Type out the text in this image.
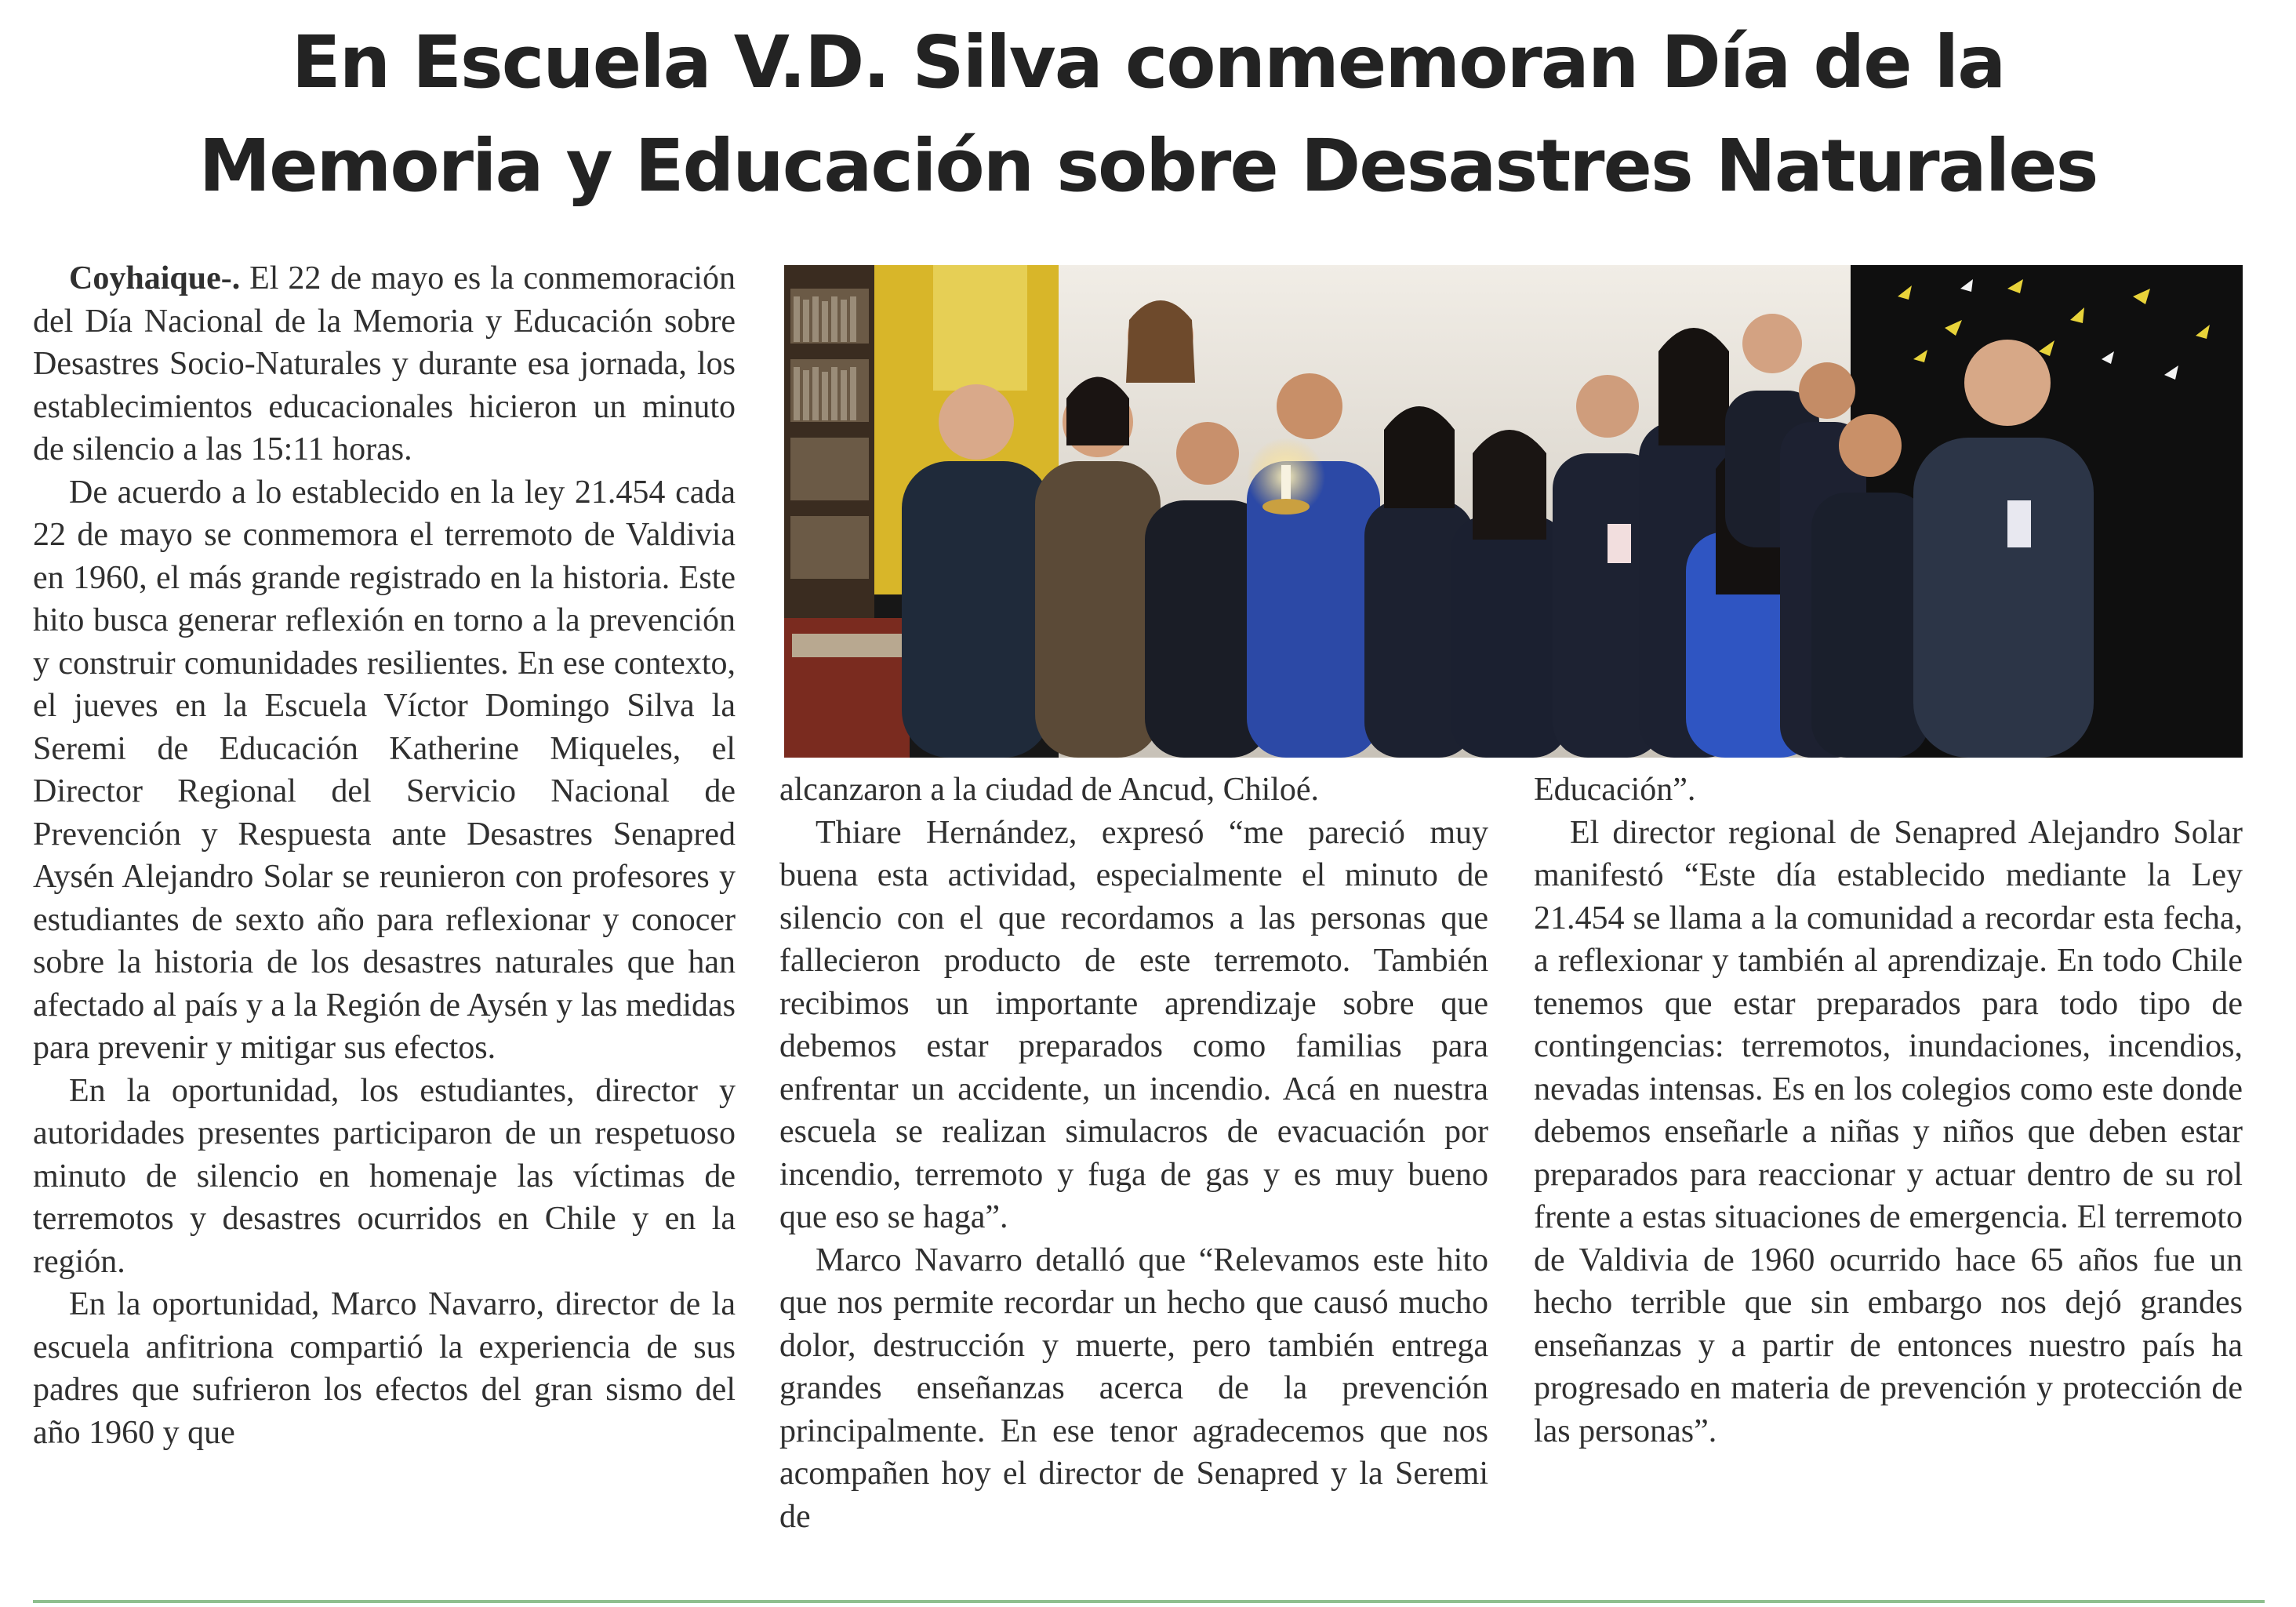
En Escuela V.D. Silva conmemoran Día de la
Memoria y Educación sobre Desastres Naturales

Coyhaique-. El 22 de mayo es la conmemoración del Día Nacional de la Memoria y Educación sobre Desastres Socio-Naturales y durante esa jornada, los establecimientos educacionales hicieron un minuto de silencio a las 15:11 horas.

De acuerdo a lo establecido en la ley 21.454 cada 22 de mayo se conmemora el terremoto de Valdivia en 1960, el más grande registrado en la historia. Este hito busca generar reflexión en torno a la prevención y construir comunidades resilientes. En ese contexto, el jueves en la Escuela Víctor Domingo Silva la Seremi de Educación Katherine Miqueles, el Director Regional del Servicio Nacional de Prevención y Respuesta ante Desastres Senapred Aysén Alejandro Solar se reunieron con profesores y estudiantes de sexto año para reflexionar y conocer sobre la historia de los desastres naturales que han afectado al país y a la Región de Aysén y las medidas para prevenir y mitigar sus efectos.

En la oportunidad, los estudiantes, director y autoridades presentes participaron de un respetuoso minuto de silencio en homenaje las víctimas de terremotos y desastres ocurridos en Chile y en la región.

En la oportunidad, Marco Navarro, director de la escuela anfitriona compartió la experiencia de sus padres que sufrieron los efectos del gran sismo del año 1960 y que

alcanzaron a la ciudad de Ancud, Chiloé.

Thiare Hernández, expresó “me pareció muy buena esta actividad, especialmente el minuto de silencio con el que recordamos a las personas que fallecieron producto de este terremoto. También recibimos un importante aprendizaje sobre que debemos estar preparados como familias para enfrentar un accidente, un incendio. Acá en nuestra escuela se realizan simulacros de evacuación por incendio, terremoto y fuga de gas y es muy bueno que eso se haga”.

Marco Navarro detalló que “Relevamos este hito que nos permite recordar un hecho que causó mucho dolor, destrucción y muerte, pero también entrega grandes enseñanzas acerca de la prevención principalmente. En ese tenor agradecemos que nos acompañen hoy el director de Senapred y la Seremi de

Educación”.

El director regional de Senapred Alejandro Solar manifestó “Este día establecido mediante la Ley 21.454 se llama a la comunidad a recordar esta fecha, a reflexionar y también al aprendizaje. En todo Chile tenemos que estar preparados para todo tipo de contingencias: terremotos, inundaciones, incendios, nevadas intensas. Es en los colegios como este donde debemos enseñarle a niñas y niños que deben estar preparados para reaccionar y actuar dentro de su rol frente a estas situaciones de emergencia. El terremoto de Valdivia de 1960 ocurrido hace 65 años fue un hecho terrible que sin embargo nos dejó grandes enseñanzas y a partir de entonces nuestro país ha progresado en materia de prevención y protección de las personas”.
